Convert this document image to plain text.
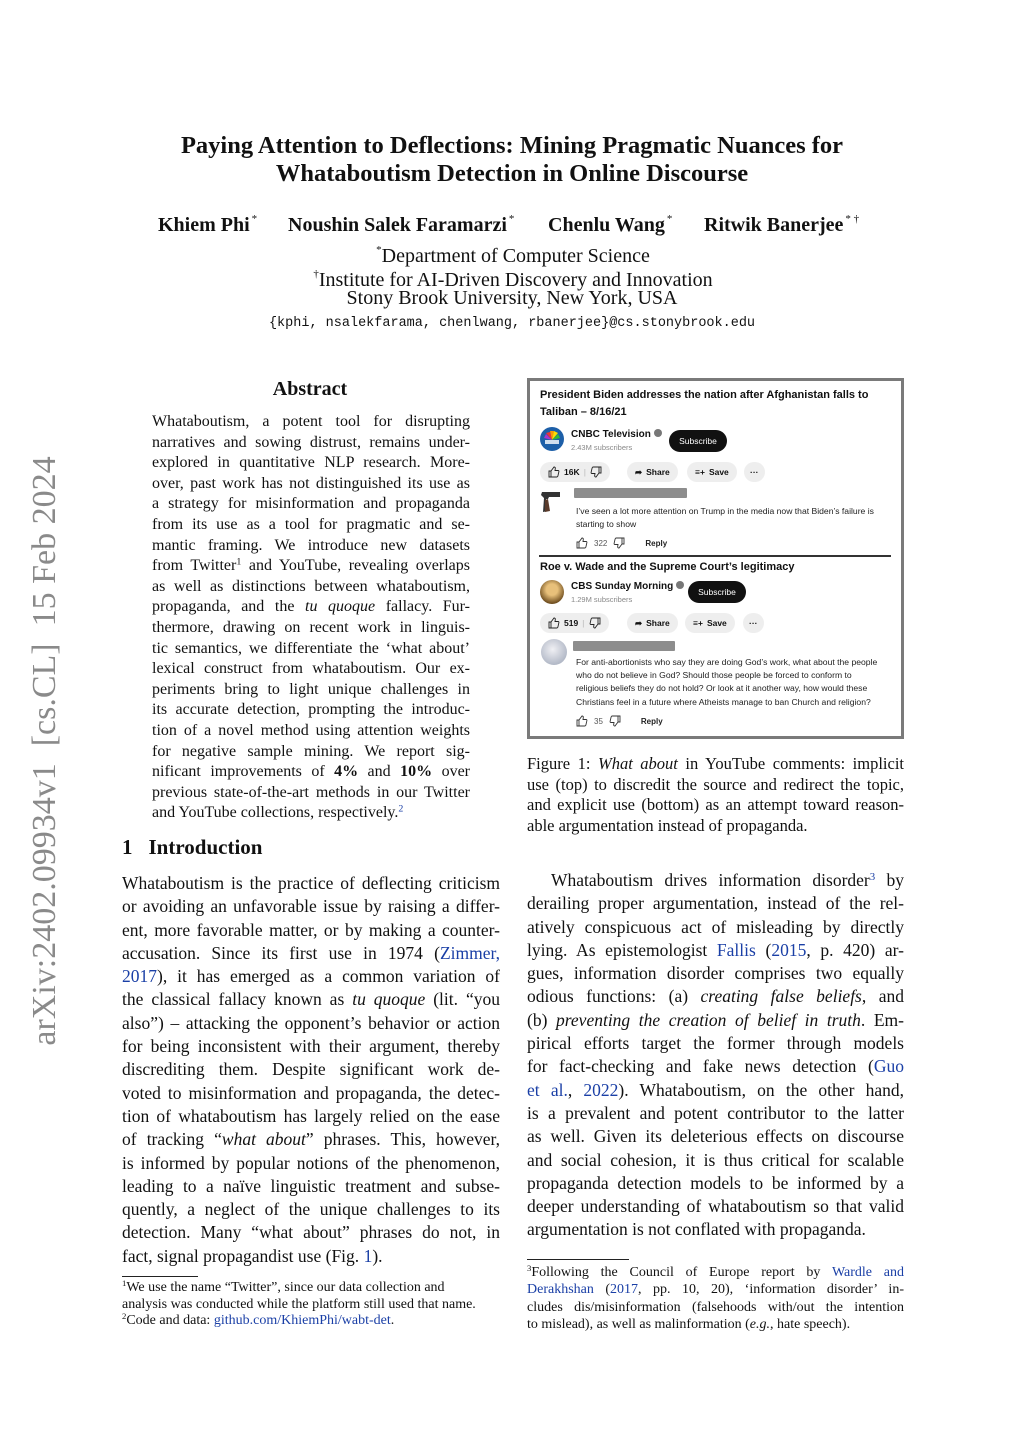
arXiv:2402.09934v1  [cs.CL]  15 Feb 2024
Paying Attention to Deflections: Mining Pragmatic Nuances for
Whataboutism Detection in Online Discourse
Khiem Phi * Noushin Salek Faramarzi * Chenlu Wang * Ritwik Banerjee * †
*Department of Computer Science
†Institute for AI-Driven Discovery and Innovation
Stony Brook University, New York, USA
{kphi, nsalekfarama, chenlwang, rbanerjee}@cs.stonybrook.edu
Abstract
Whataboutism, a potent tool for disrupting
narratives and sowing distrust, remains under-
explored in quantitative NLP research. More-
over, past work has not distinguished its use as
a strategy for misinformation and propaganda
from its use as a tool for pragmatic and se-
mantic framing. We introduce new datasets
from Twitter$^1$ and YouTube, revealing overlaps
as well as distinctions between whataboutism,
propaganda, and the tu quoque fallacy. Fur-
thermore, drawing on recent work in linguis-
tic semantics, we differentiate the ‘what about’
lexical construct from whataboutism. Our ex-
periments bring to light unique challenges in
its accurate detection, prompting the introduc-
tion of a novel method using attention weights
for negative sample mining. We report sig-
nificant improvements of 4% and 10% over
previous state-of-the-art methods in our Twitter
and YouTube collections, respectively.$^2$
1 Introduction
Whataboutism is the practice of deflecting criticism
or avoiding an unfavorable issue by raising a differ-
ent, more favorable matter, or by making a counter-
accusation. Since its first use in 1974 (Zimmer,
2017), it has emerged as a common variation of
the classical fallacy known as tu quoque (lit. “you
also”) – attacking the opponent’s behavior or action
for being inconsistent with their argument, thereby
discrediting them. Despite significant work de-
voted to misinformation and propaganda, the detec-
tion of whataboutism has largely relied on the ease
of tracking “what about” phrases. This, however,
is informed by popular notions of the phenomenon,
leading to a naïve linguistic treatment and subse-
quently, a neglect of the unique challenges to its
detection. Many “what about” phrases do not, in
fact, signal propagandist use (Fig. 1).
$^1$We use the name “Twitter”, since our data collection and
analysis was conducted while the platform still used that name.
$^2$Code and data: github.com/KhiemPhi/wabt-det.
President Biden addresses the nation after Afghanistan falls to
Taliban – 8/16/21
CNBC Television
2.43M subscribers
Subscribe
16K |	➦ Share	≡+ Save	···
I’ve seen a lot more attention on Trump in the media now that Biden’s failure is
starting to show
322	Reply
Roe v. Wade and the Supreme Court’s legitimacy
CBS Sunday Morning
1.29M subscribers
Subscribe
519 |	➦ Share	≡+ Save	···
For anti-abortionists who say they are doing God’s work, what about the people
who do not believe in God? Should those people be forced to conform to
religious beliefs they do not hold? Or look at it another way, how would these
Christians feel in a future where Atheists manage to ban Church and religion?
35	Reply
Figure 1: What about in YouTube comments: implicit
use (top) to discredit the source and redirect the topic,
and explicit use (bottom) as an attempt toward reason-
able argumentation instead of propaganda.
Whataboutism drives information disorder$^3$ by
derailing proper argumentation, instead of the rel-
atively conspicuous act of misleading by directly
lying. As epistemologist Fallis (2015, p. 420) ar-
gues, information disorder comprises two equally
odious functions: (a) creating false beliefs, and
(b) preventing the creation of belief in truth. Em-
pirical efforts target the former through models
for fact-checking and fake news detection (Guo
et al., 2022). Whataboutism, on the other hand,
is a prevalent and potent contributor to the latter
as well. Given its deleterious effects on discourse
and social cohesion, it is thus critical for scalable
propaganda detection models to be informed by a
deeper understanding of whataboutism so that valid
argumentation is not conflated with propaganda.
$^3$Following the Council of Europe report by Wardle and
Derakhshan (2017, pp. 10, 20), ‘information disorder’ in-
cludes dis/misinformation (falsehoods with/out the intention
to mislead), as well as malinformation (e.g., hate speech).
